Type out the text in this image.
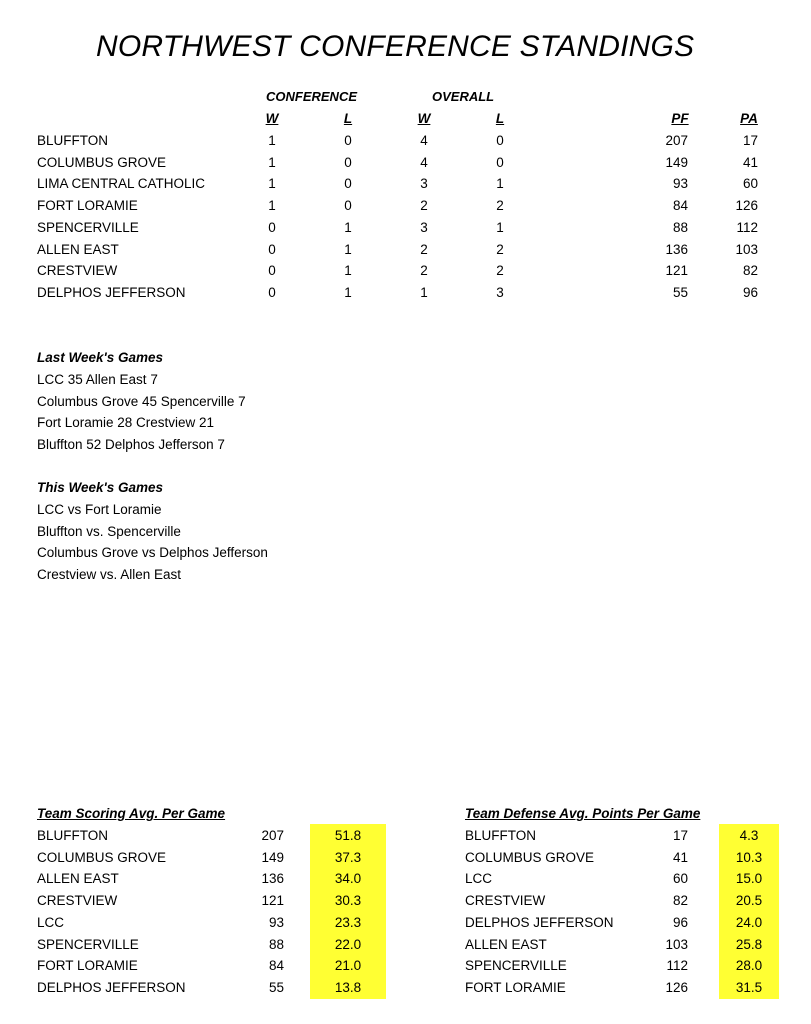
NORTHWEST CONFERENCE STANDINGS
CONFERENCE	OVERALL
W	L	W	L	PF	PA
BLUFFTON	1	0	4	0	207	17
COLUMBUS GROVE	1	0	4	0	149	41
LIMA CENTRAL CATHOLIC	1	0	3	1	93	60
FORT LORAMIE	1	0	2	2	84	126
SPENCERVILLE	0	1	3	1	88	112
ALLEN EAST	0	1	2	2	136	103
CRESTVIEW	0	1	2	2	121	82
DELPHOS JEFFERSON	0	1	1	3	55	96
Last Week's Games
LCC 35 Allen East 7
Columbus Grove 45 Spencerville 7
Fort Loramie 28 Crestview 21
Bluffton 52 Delphos Jefferson 7
This Week's Games
LCC vs Fort Loramie
Bluffton vs. Spencerville
Columbus Grove vs Delphos Jefferson
Crestview vs. Allen East
Team Scoring Avg. Per Game
BLUFFTON	207	51.8
COLUMBUS GROVE	149	37.3
ALLEN EAST	136	34.0
CRESTVIEW	121	30.3
LCC	93	23.3
SPENCERVILLE	88	22.0
FORT LORAMIE	84	21.0
DELPHOS JEFFERSON	55	13.8
Team Defense Avg. Points Per Game
BLUFFTON	17	4.3
COLUMBUS GROVE	41	10.3
LCC	60	15.0
CRESTVIEW	82	20.5
DELPHOS JEFFERSON	96	24.0
ALLEN EAST	103	25.8
SPENCERVILLE	112	28.0
FORT LORAMIE	126	31.5
